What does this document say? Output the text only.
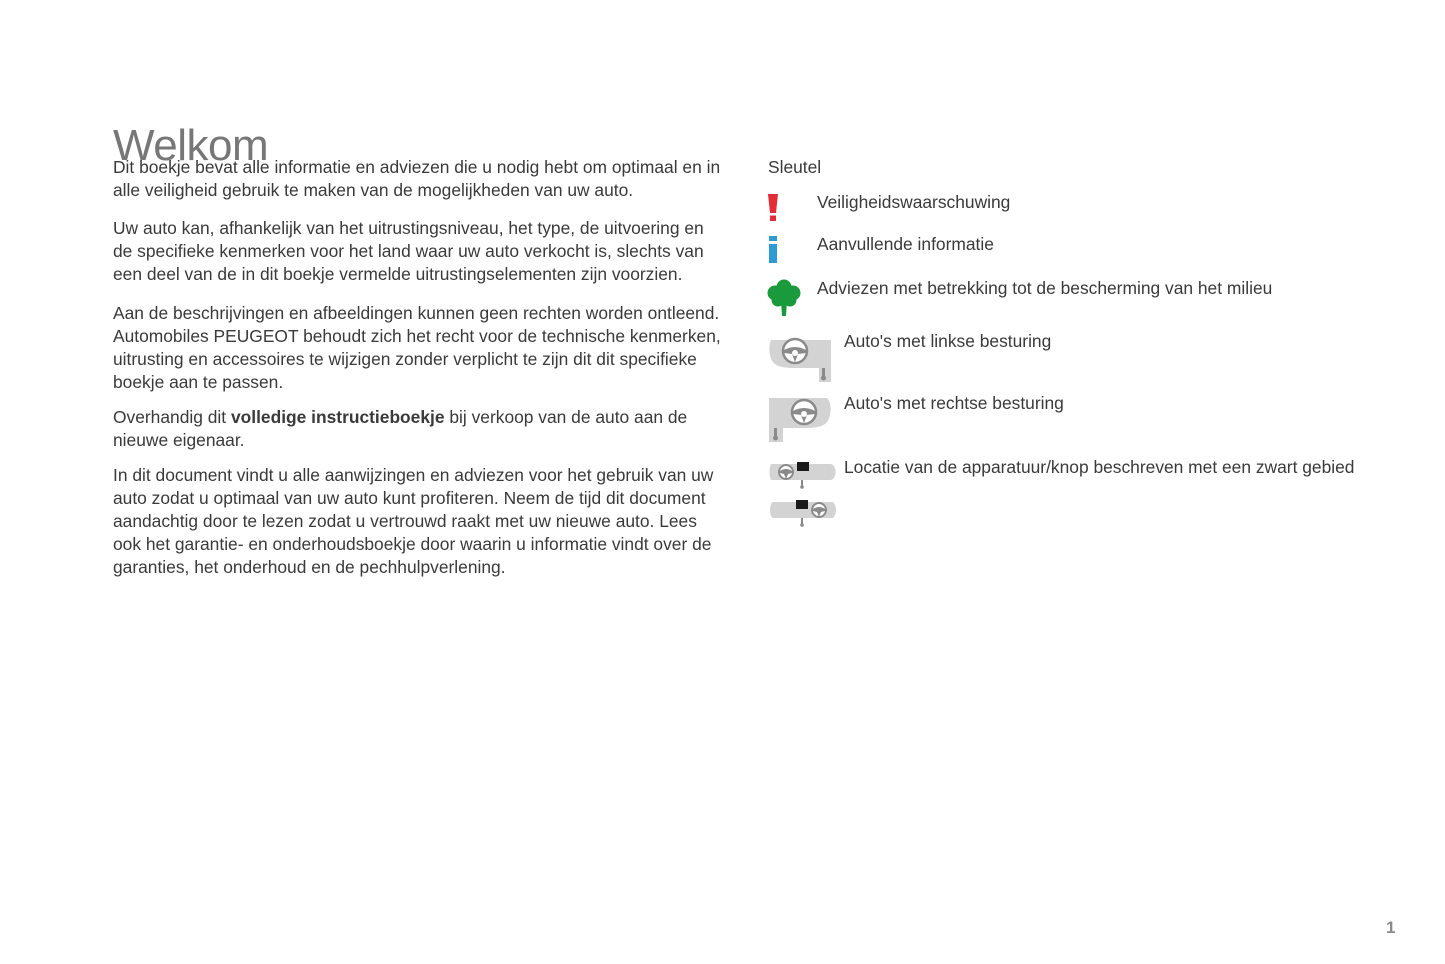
Welkom

Dit boekje bevat alle informatie en adviezen die u nodig hebt om optimaal en in alle veiligheid gebruik te maken van de mogelijkheden van uw auto.

Uw auto kan, afhankelijk van het uitrustingsniveau, het type, de uitvoering en de specifieke kenmerken voor het land waar uw auto verkocht is, slechts van een deel van de in dit boekje vermelde uitrustingselementen zijn voorzien.

Aan de beschrijvingen en afbeeldingen kunnen geen rechten worden ontleend.

Automobiles PEUGEOT behoudt zich het recht voor de technische kenmerken, uitrusting en accessoires te wijzigen zonder verplicht te zijn dit dit specifieke boekje aan te passen.

Overhandig dit volledige instructieboekje bij verkoop van de auto aan de nieuwe eigenaar.

In dit document vindt u alle aanwijzingen en adviezen voor het gebruik van uw auto zodat u optimaal van uw auto kunt profiteren. Neem de tijd dit document aandachtig door te lezen zodat u vertrouwd raakt met uw nieuwe auto. Lees ook het garantie- en onderhoudsboekje door waarin u informatie vindt over de garanties, het onderhoud en de pechhulpverlening.

Sleutel
Veiligheidswaarschuwing
Aanvullende informatie
Adviezen met betrekking tot de bescherming van het milieu
Auto's met linkse besturing
Auto's met rechtse besturing
Locatie van de apparatuur/knop beschreven met een zwart gebied
1
